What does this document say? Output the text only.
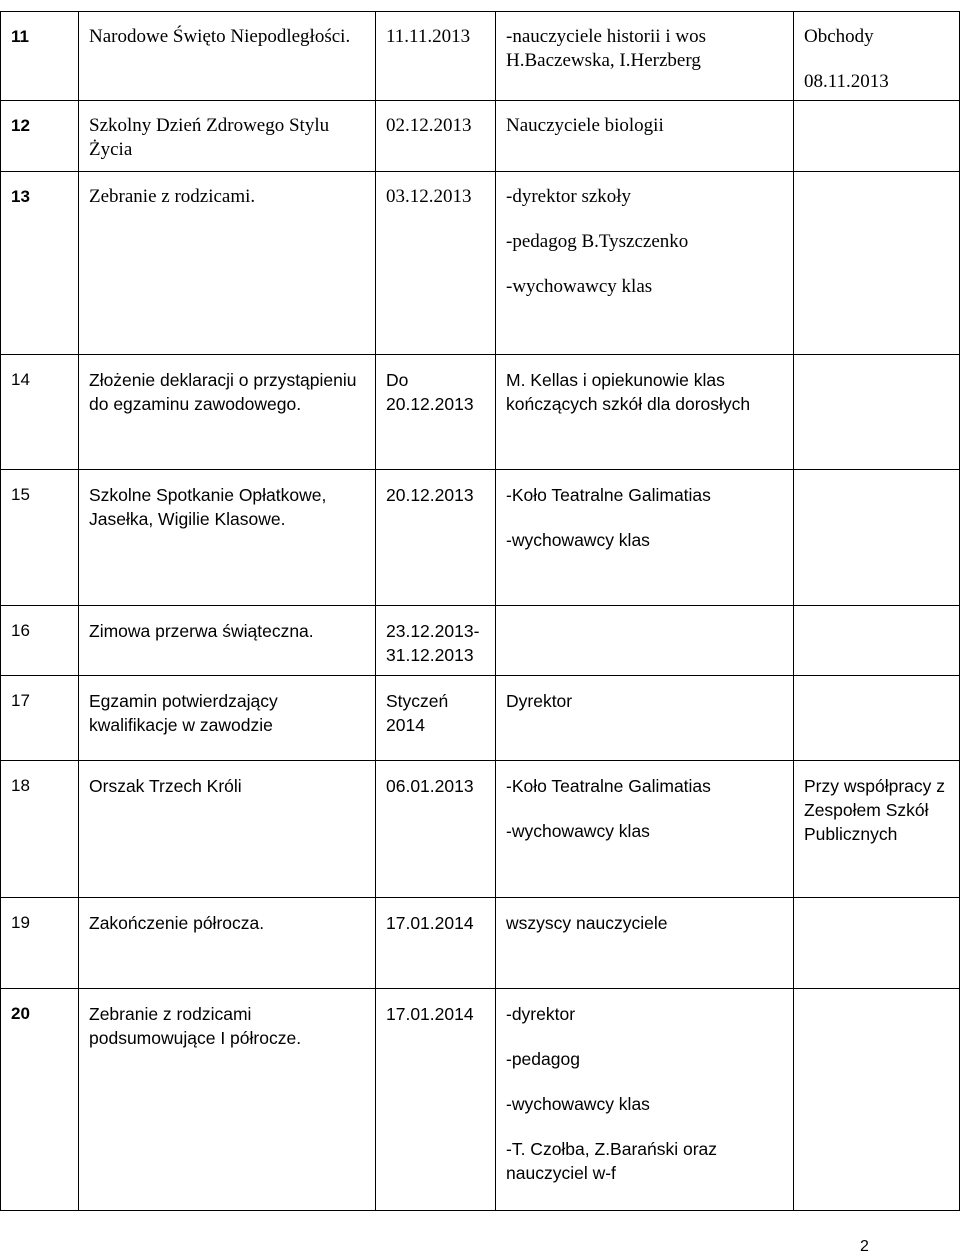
11	Narodowe Święto Niepodległości.	11.11.2013	-nauczyciele historii i wos H.Baczewska, I.Herzberg	Obchody
08.11.2013

12	Szkolny Dzień Zdrowego Stylu Życia	02.12.2013	Nauczyciele biologii	

13	Zebranie z rodzicami.	03.12.2013	-dyrektor szkoły
-pedagog B.Tyszczenko
-wychowawcy klas	

14	Złożenie deklaracji o przystąpieniu do egzaminu zawodowego.	Do 20.12.2013	M. Kellas i opiekunowie klas kończących szkół dla dorosłych	

15	Szkolne Spotkanie Opłatkowe, Jasełka, Wigilie Klasowe.	20.12.2013	-Koło Teatralne Galimatias
-wychowawcy klas	

16	Zimowa przerwa świąteczna.	23.12.2013-31.12.2013		
17	Egzamin potwierdzający kwalifikacje w zawodzie	Styczeń 2014	Dyrektor	

18	Orszak Trzech Króli	06.01.2013	-Koło Teatralne Galimatias
-wychowawcy klas	Przy współpracy z Zespołem Szkół Publicznych

19	Zakończenie półrocza.	17.01.2014	wszyscy nauczyciele	

20	Zebranie z rodzicami podsumowujące I półrocze.	17.01.2014	-dyrektor
-pedagog
-wychowawcy klas
-T. Czołba, Z.Barański oraz nauczyciel w-f	

2
